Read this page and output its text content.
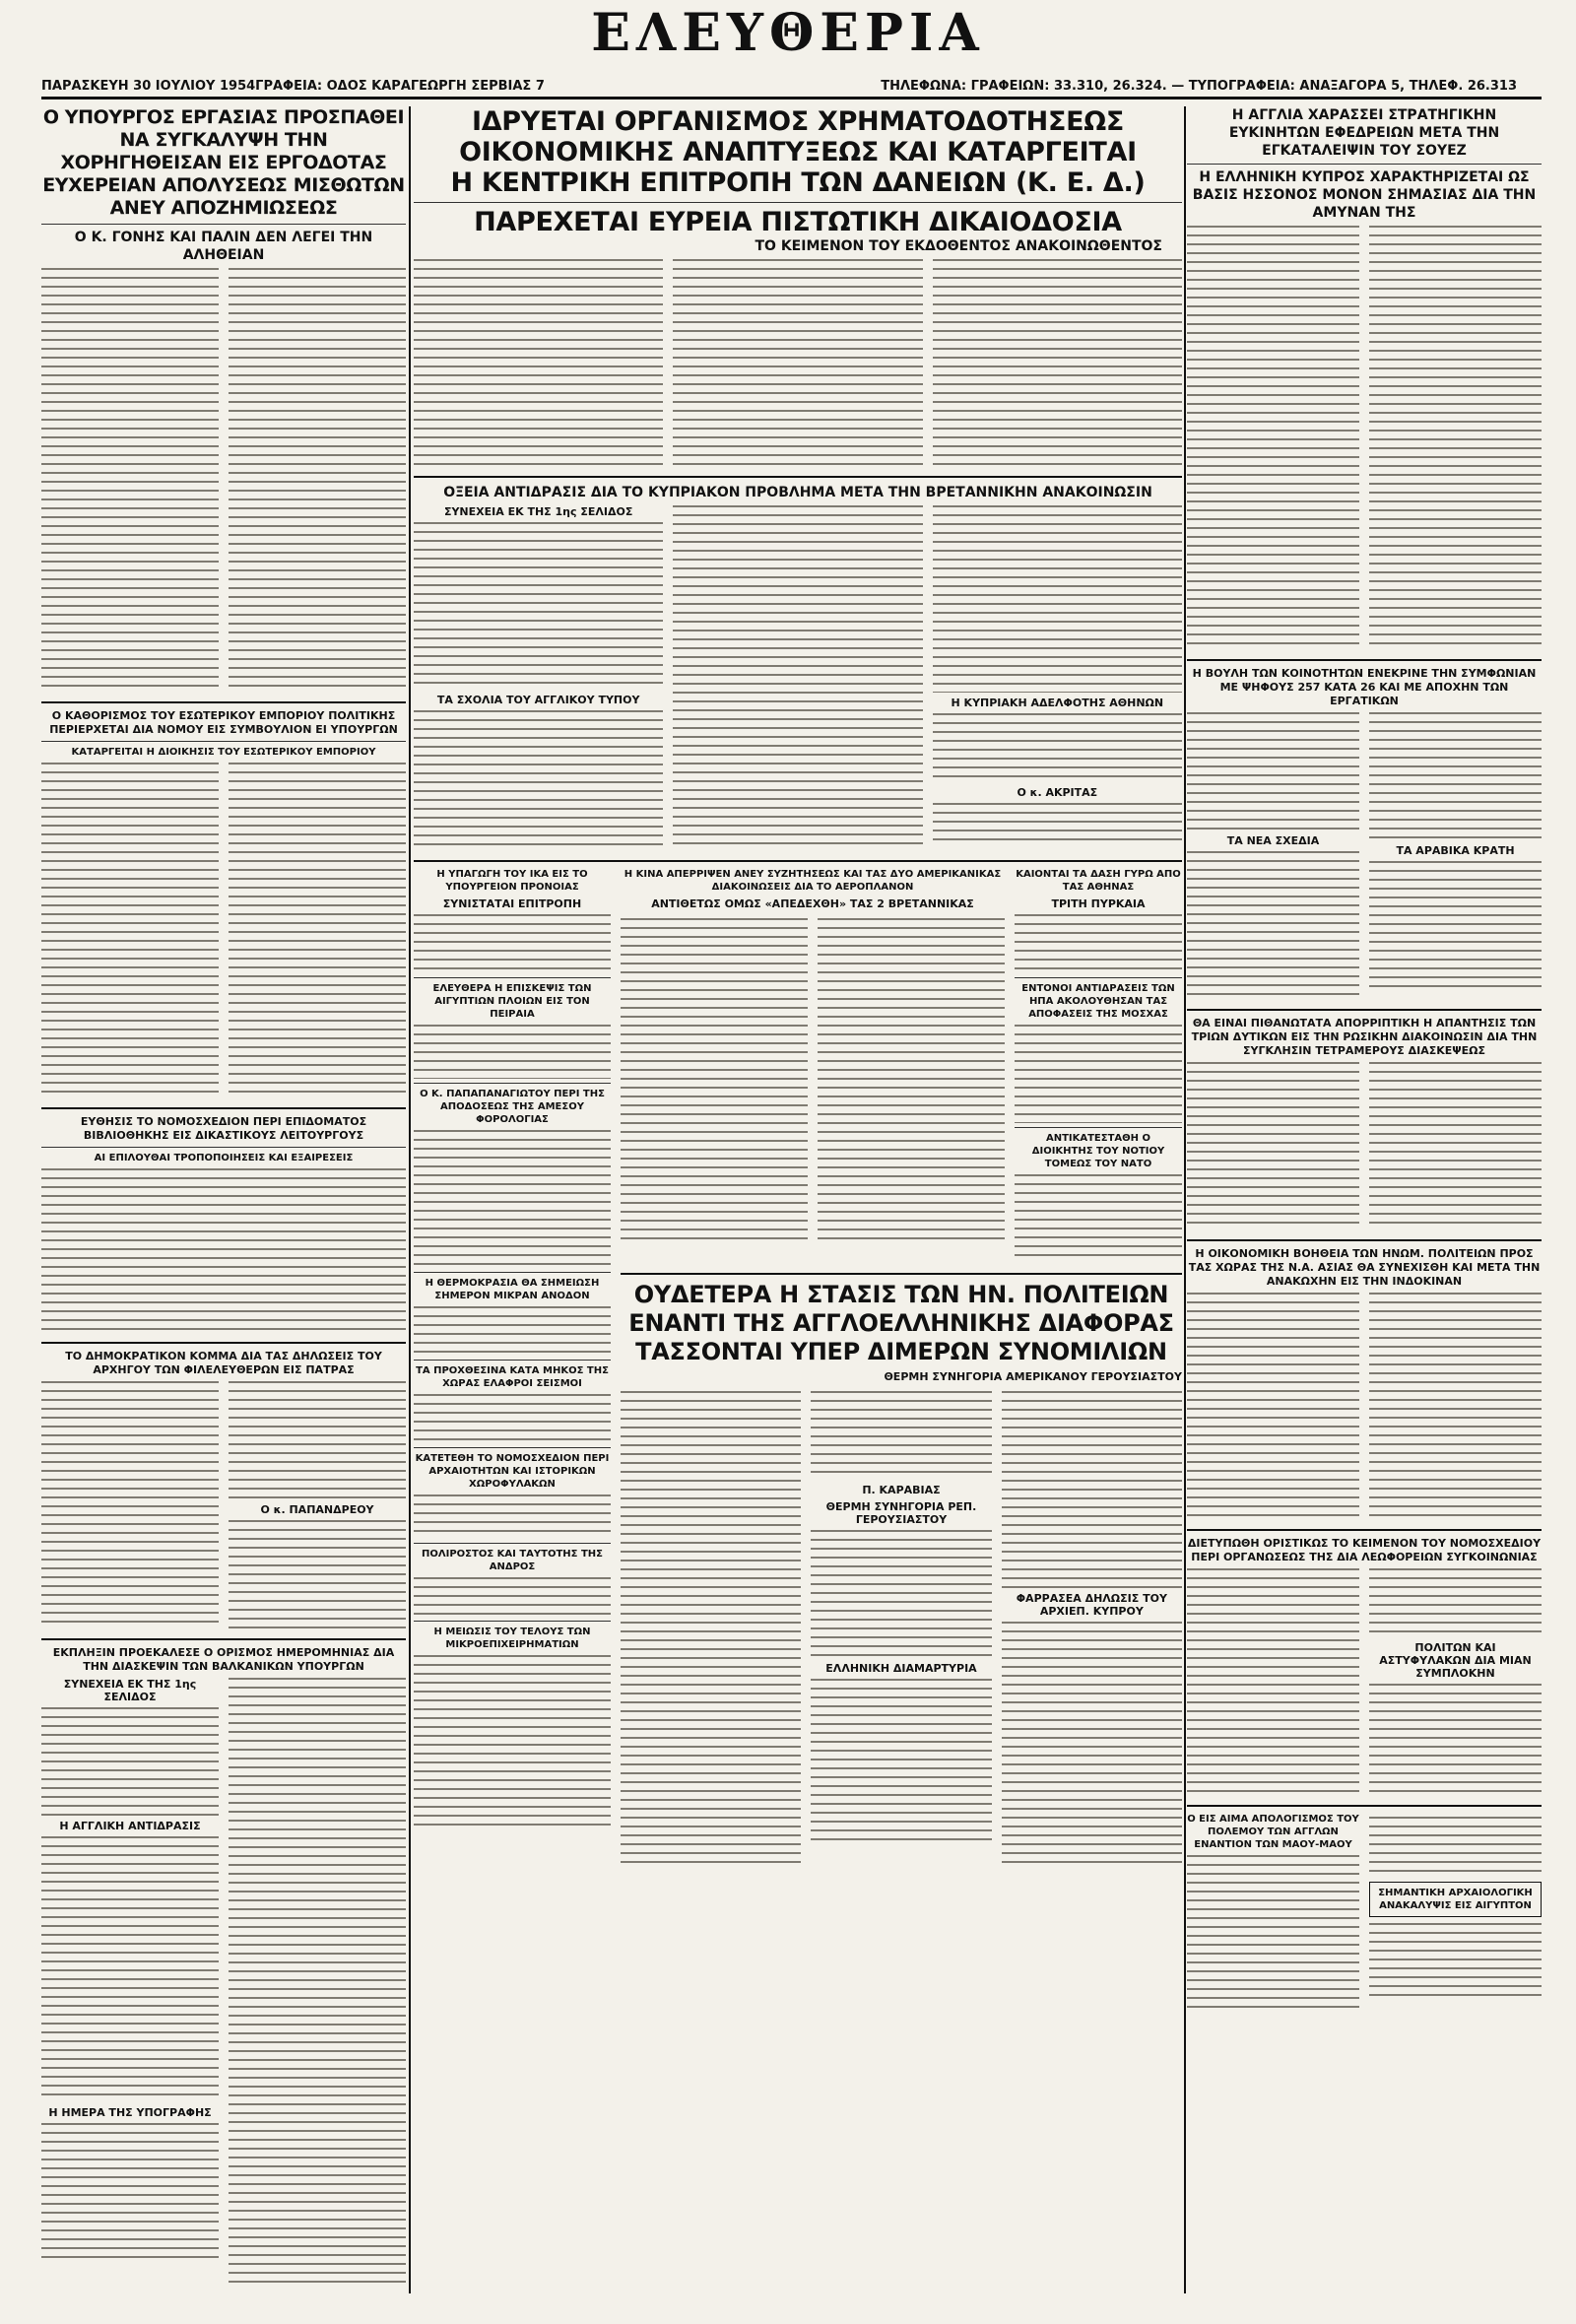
ΕΛΕΥΘΕΡΙΑ
ΠΑΡΑΣΚΕΥΗ 30 ΙΟΥΛΙΟΥ 1954ΓΡΑΦΕΙΑ: ΟΔΟΣ ΚΑΡΑΓΕΩΡΓΗ ΣΕΡΒΙΑΣ 7	ΤΗΛΕΦΩΝΑ: ΓΡΑΦΕΙΩΝ: 33.310, 26.324. — ΤΥΠΟΓΡΑΦΕΙΑ: ΑΝΑΞΑΓΟΡΑ 5, ΤΗΛΕΦ. 26.313
Ο ΥΠΟΥΡΓΟΣ ΕΡΓΑΣΙΑΣ ΠΡΟΣΠΑΘΕΙ ΝΑ ΣΥΓΚΑΛΥΨΗ ΤΗΝ ΧΟΡΗΓΗΘΕΙΣΑΝ ΕΙΣ ΕΡΓΟΔΟΤΑΣ ΕΥΧΕΡΕΙΑΝ ΑΠΟΛΥΣΕΩΣ ΜΙΣΘΩΤΩΝ ΑΝΕΥ ΑΠΟΖΗΜΙΩΣΕΩΣ
Ο Κ. ΓΟΝΗΣ ΚΑΙ ΠΑΛΙΝ ΔΕΝ ΛΕΓΕΙ ΤΗΝ ΑΛΗΘΕΙΑΝ
Ο ΚΑΘΟΡΙΣΜΟΣ ΤΟΥ ΕΣΩΤΕΡΙΚΟΥ ΕΜΠΟΡΙΟΥ ΠΟΛΙΤΙΚΗΣ ΠΕΡΙΕΡΧΕΤΑΙ ΔΙΑ ΝΟΜΟΥ ΕΙΣ ΣΥΜΒΟΥΛΙΟΝ ΕΙ ΥΠΟΥΡΓΩΝ
ΚΑΤΑΡΓΕΙΤΑΙ Η ΔΙΟΙΚΗΣΙΣ ΤΟΥ ΕΣΩΤΕΡΙΚΟΥ ΕΜΠΟΡΙΟΥ
ΕΥΘΗΣΙΣ ΤΟ ΝΟΜΟΣΧΕΔΙΟΝ ΠΕΡΙ ΕΠΙΔΟΜΑΤΟΣ ΒΙΒΛΙΟΘΗΚΗΣ ΕΙΣ ΔΙΚΑΣΤΙΚΟΥΣ ΛΕΙΤΟΥΡΓΟΥΣ
ΑΙ ΕΠΙΛΟΥΘΑΙ ΤΡΟΠΟΠΟΙΗΣΕΙΣ ΚΑΙ ΕΞΑΙΡΕΣΕΙΣ
ΤΟ ΔΗΜΟΚΡΑΤΙΚΟΝ ΚΟΜΜΑ ΔΙΑ ΤΑΣ ΔΗΛΩΣΕΙΣ ΤΟΥ ΑΡΧΗΓΟΥ ΤΩΝ ΦΙΛΕΛΕΥΘΕΡΩΝ ΕΙΣ ΠΑΤΡΑΣ
Ο κ. ΠΑΠΑΝΔΡΕΟΥ
ΕΚΠΛΗΞΙΝ ΠΡΟΕΚΑΛΕΣΕ Ο ΟΡΙΣΜΟΣ ΗΜΕΡΟΜΗΝΙΑΣ ΔΙΑ ΤΗΝ ΔΙΑΣΚΕΨΙΝ ΤΩΝ ΒΑΛΚΑΝΙΚΩΝ ΥΠΟΥΡΓΩΝ
ΣΥΝΕΧΕΙΑ ΕΚ ΤΗΣ 1ης ΣΕΛΙΔΟΣ
Η ΑΓΓΛΙΚΗ ΑΝΤΙΔΡΑΣΙΣ
Η ΗΜΕΡΑ ΤΗΣ ΥΠΟΓΡΑΦΗΣ
ΙΔΡΥΕΤΑΙ ΟΡΓΑΝΙΣΜΟΣ ΧΡΗΜΑΤΟΔΟΤΗΣΕΩΣ
ΟΙΚΟΝΟΜΙΚΗΣ ΑΝΑΠΤΥΞΕΩΣ ΚΑΙ ΚΑΤΑΡΓΕΙΤΑΙ
Η ΚΕΝΤΡΙΚΗ ΕΠΙΤΡΟΠΗ ΤΩΝ ΔΑΝΕΙΩΝ (Κ. Ε. Δ.)
ΠΑΡΕΧΕΤΑΙ ΕΥΡΕΙΑ ΠΙΣΤΩΤΙΚΗ ΔΙΚΑΙΟΔΟΣΙΑ
ΤΟ ΚΕΙΜΕΝΟΝ ΤΟΥ ΕΚΔΟΘΕΝΤΟΣ ΑΝΑΚΟΙΝΩΘΕΝΤΟΣ
ΟΞΕΙΑ ΑΝΤΙΔΡΑΣΙΣ ΔΙΑ ΤΟ ΚΥΠΡΙΑΚΟΝ ΠΡΟΒΛΗΜΑ ΜΕΤΑ ΤΗΝ ΒΡΕΤΑΝΝΙΚΗΝ ΑΝΑΚΟΙΝΩΣΙΝ
ΣΥΝΕΧΕΙΑ ΕΚ ΤΗΣ 1ης ΣΕΛΙΔΟΣ
ΤΑ ΣΧΟΛΙΑ ΤΟΥ ΑΓΓΛΙΚΟΥ ΤΥΠΟΥ	Η ΚΥΠΡΙΑΚΗ ΑΔΕΛΦΟΤΗΣ ΑΘΗΝΩΝ
Ο κ. ΑΚΡΙΤΑΣ
Η ΥΠΑΓΩΓΗ ΤΟΥ ΙΚΑ ΕΙΣ ΤΟ ΥΠΟΥΡΓΕΙΟΝ ΠΡΟΝΟΙΑΣ
ΣΥΝΙΣΤΑΤΑΙ ΕΠΙΤΡΟΠΗ
ΕΛΕΥΘΕΡΑ Η ΕΠΙΣΚΕΨΙΣ ΤΩΝ ΑΙΓΥΠΤΙΩΝ ΠΛΟΙΩΝ ΕΙΣ ΤΟΝ ΠΕΙΡΑΙΑ
Ο Κ. ΠΑΠΑΠΑΝΑΓΙΩΤΟΥ ΠΕΡΙ ΤΗΣ ΑΠΟΔΟΣΕΩΣ ΤΗΣ ΑΜΕΣΟΥ ΦΟΡΟΛΟΓΙΑΣ
Η ΘΕΡΜΟΚΡΑΣΙΑ ΘΑ ΣΗΜΕΙΩΣΗ ΣΗΜΕΡΟΝ ΜΙΚΡΑΝ ΑΝΟΔΟΝ
ΤΑ ΠΡΟΧΘΕΣΙΝΑ ΚΑΤΑ ΜΗΚΟΣ ΤΗΣ ΧΩΡΑΣ ΕΛΑΦΡΟΙ ΣΕΙΣΜΟΙ
ΚΑΤΕΤΕΘΗ ΤΟ ΝΟΜΟΣΧΕΔΙΟΝ ΠΕΡΙ ΑΡΧΑΙΟΤΗΤΩΝ ΚΑΙ ΙΣΤΟΡΙΚΩΝ ΧΩΡΟΦΥΛΑΚΩΝ
ΠΟΛΙΡΟΣΤΟΣ ΚΑΙ ΤΑΥΤΟΤΗΣ ΤΗΣ ΑΝΔΡΟΣ
Η ΜΕΙΩΣΙΣ ΤΟΥ ΤΕΛΟΥΣ ΤΩΝ ΜΙΚΡΟΕΠΙΧΕΙΡΗΜΑΤΙΩΝ
Η ΚΙΝΑ ΑΠΕΡΡΙΨΕΝ ΑΝΕΥ ΣΥΖΗΤΗΣΕΩΣ ΚΑΙ ΤΑΣ ΔΥΟ ΑΜΕΡΙΚΑΝΙΚΑΣ ΔΙΑΚΟΙΝΩΣΕΙΣ ΔΙΑ ΤΟ ΑΕΡΟΠΛΑΝΟΝ
ΑΝΤΙΘΕΤΩΣ ΟΜΩΣ «ΑΠΕΔΕΧΘΗ» ΤΑΣ 2 ΒΡΕΤΑΝΝΙΚΑΣ
ΚΑΙΟΝΤΑΙ ΤΑ ΔΑΣΗ ΓΥΡΩ ΑΠΟ ΤΑΣ ΑΘΗΝΑΣ
ΤΡΙΤΗ ΠΥΡΚΑΙΑ
ΕΝΤΟΝΟΙ ΑΝΤΙΔΡΑΣΕΙΣ ΤΩΝ ΗΠΑ ΑΚΟΛΟΥΘΗΣΑΝ ΤΑΣ ΑΠΟΦΑΣΕΙΣ ΤΗΣ ΜΟΣΧΑΣ
ΑΝΤΙΚΑΤΕΣΤΑΘΗ Ο ΔΙΟΙΚΗΤΗΣ ΤΟΥ ΝΟΤΙΟΥ ΤΟΜΕΩΣ ΤΟΥ ΝΑΤΟ
ΟΥΔΕΤΕΡΑ Η ΣΤΑΣΙΣ ΤΩΝ ΗΝ. ΠΟΛΙΤΕΙΩΝ
ΕΝΑΝΤΙ ΤΗΣ ΑΓΓΛΟΕΛΛΗΝΙΚΗΣ ΔΙΑΦΟΡΑΣ
ΤΑΣΣΟΝΤΑΙ ΥΠΕΡ ΔΙΜΕΡΩΝ ΣΥΝΟΜΙΛΙΩΝ
ΘΕΡΜΗ ΣΥΝΗΓΟΡΙΑ ΑΜΕΡΙΚΑΝΟΥ ΓΕΡΟΥΣΙΑΣΤΟΥ
Π. ΚΑΡΑΒΙΑΣ
ΘΕΡΜΗ ΣΥΝΗΓΟΡΙΑ ΡΕΠ. ΓΕΡΟΥΣΙΑΣΤΟΥ
ΕΛΛΗΝΙΚΗ ΔΙΑΜΑΡΤΥΡΙΑ
ΦΑΡΡΑΣΕΑ ΔΗΛΩΣΙΣ ΤΟΥ ΑΡΧΙΕΠ. ΚΥΠΡΟΥ
Η ΑΓΓΛΙΑ ΧΑΡΑΣΣΕΙ ΣΤΡΑΤΗΓΙΚΗΝ ΕΥΚΙΝΗΤΩΝ ΕΦΕΔΡΕΙΩΝ ΜΕΤΑ ΤΗΝ ΕΓΚΑΤΑΛΕΙΨΙΝ ΤΟΥ ΣΟΥΕΖ
Η ΕΛΛΗΝΙΚΗ ΚΥΠΡΟΣ ΧΑΡΑΚΤΗΡΙΖΕΤΑΙ ΩΣ ΒΑΣΙΣ ΗΣΣΟΝΟΣ ΜΟΝΟΝ ΣΗΜΑΣΙΑΣ ΔΙΑ ΤΗΝ ΑΜΥΝΑΝ ΤΗΣ
Η ΒΟΥΛΗ ΤΩΝ ΚΟΙΝΟΤΗΤΩΝ ΕΝΕΚΡΙΝΕ ΤΗΝ ΣΥΜΦΩΝΙΑΝ ΜΕ ΨΗΦΟΥΣ 257 ΚΑΤΑ 26 ΚΑΙ ΜΕ ΑΠΟΧΗΝ ΤΩΝ ΕΡΓΑΤΙΚΩΝ
ΤΑ ΝΕΑ ΣΧΕΔΙΑ
ΤΑ ΑΡΑΒΙΚΑ ΚΡΑΤΗ
ΘΑ ΕΙΝΑΙ ΠΙΘΑΝΩΤΑΤΑ ΑΠΟΡΡΙΠΤΙΚΗ Η ΑΠΑΝΤΗΣΙΣ ΤΩΝ ΤΡΙΩΝ ΔΥΤΙΚΩΝ ΕΙΣ ΤΗΝ ΡΩΣΙΚΗΝ ΔΙΑΚΟΙΝΩΣΙΝ ΔΙΑ ΤΗΝ ΣΥΓΚΛΗΣΙΝ ΤΕΤΡΑΜΕΡΟΥΣ ΔΙΑΣΚΕΨΕΩΣ
Η ΟΙΚΟΝΟΜΙΚΗ ΒΟΗΘΕΙΑ ΤΩΝ ΗΝΩΜ. ΠΟΛΙΤΕΙΩΝ ΠΡΟΣ ΤΑΣ ΧΩΡΑΣ ΤΗΣ Ν.Α. ΑΣΙΑΣ ΘΑ ΣΥΝΕΧΙΣΘΗ ΚΑΙ ΜΕΤΑ ΤΗΝ ΑΝΑΚΩΧΗΝ ΕΙΣ ΤΗΝ ΙΝΔΟΚΙΝΑΝ
ΔΙΕΤΥΠΩΘΗ ΟΡΙΣΤΙΚΩΣ ΤΟ ΚΕΙΜΕΝΟΝ ΤΟΥ ΝΟΜΟΣΧΕΔΙΟΥ ΠΕΡΙ ΟΡΓΑΝΩΣΕΩΣ ΤΗΣ ΔΙΑ ΛΕΩΦΟΡΕΙΩΝ ΣΥΓΚΟΙΝΩΝΙΑΣ
ΠΟΛΙΤΩΝ ΚΑΙ ΑΣΤΥΦΥΛΑΚΩΝ ΔΙΑ ΜΙΑΝ ΣΥΜΠΛΟΚΗΝ
Ο ΕΙΣ ΑΙΜΑ ΑΠΟΛΟΓΙΣΜΟΣ ΤΟΥ ΠΟΛΕΜΟΥ ΤΩΝ ΑΓΓΛΩΝ ΕΝΑΝΤΙΟΝ ΤΩΝ ΜΑΟΥ-ΜΑΟΥ
ΣΗΜΑΝΤΙΚΗ ΑΡΧΑΙΟΛΟΓΙΚΗ ΑΝΑΚΑΛΥΨΙΣ ΕΙΣ ΑΙΓΥΠΤΟΝ
